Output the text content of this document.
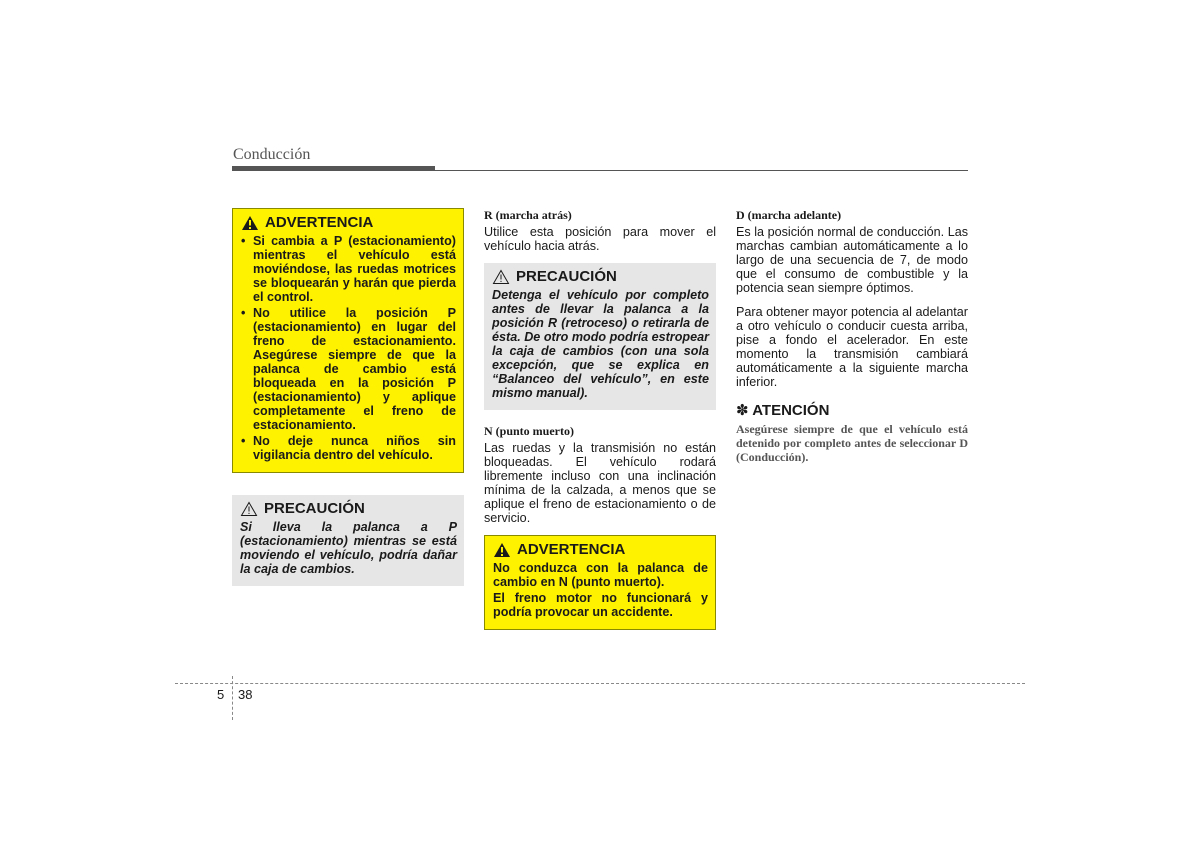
Conducción
ADVERTENCIA
• Si cambia a P (estacionamiento) mientras el vehículo está moviéndose, las ruedas motrices se bloquearán y harán que pierda el control.
• No utilice la posición P (estacionamiento) en lugar del freno de estacionamiento. Asegúrese siempre de que la palanca de cambio está bloqueada en la posición P (estacionamiento) y aplique completamente el freno de estacionamiento.
• No deje nunca niños sin vigilancia dentro del vehículo.
PRECAUCIÓN

Si lleva la palanca a P (estacionamiento) mientras se está moviendo el vehículo, podría dañar la caja de cambios.

R (marcha atrás)

Utilice esta posición para mover el vehículo hacia atrás.

PRECAUCIÓN

Detenga el vehículo por completo antes de llevar la palanca a la posición R (retroceso) o retirarla de ésta. De otro modo podría estropear la caja de cambios (con una sola excepción, que se explica en “Balanceo del vehículo”, en este mismo manual).

N (punto muerto)

Las ruedas y la transmisión no están bloqueadas. El vehículo rodará libremente incluso con una inclinación mínima de la calzada, a menos que se aplique el freno de estacionamiento o de servicio.

ADVERTENCIA

No conduzca con la palanca de cambio en N (punto muerto).

El freno motor no funcionará y podría provocar un accidente.

D (marcha adelante)

Es la posición normal de conducción. Las marchas cambian automáticamente a lo largo de una secuencia de 7, de modo que el consumo de combustible y la potencia sean siempre óptimos.

Para obtener mayor potencia al adelantar a otro vehículo o conducir cuesta arriba, pise a fondo el acelerador. En este momento la transmisión cambiará automáticamente a la siguiente marcha inferior.

✽ ATENCIÓN

Asegúrese siempre de que el vehículo está detenido por completo antes de seleccionar D (Conducción).

5 38
